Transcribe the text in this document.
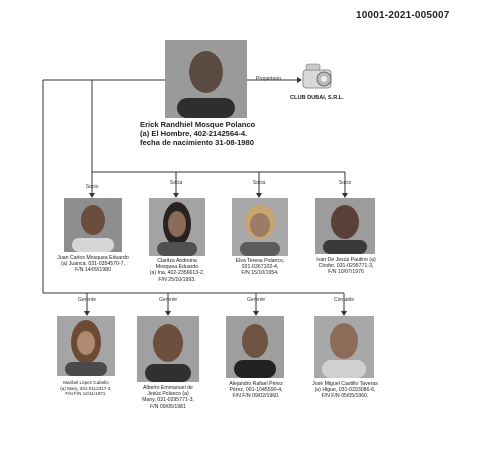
10001-2021-005007
Propietario
CLUB DUBAI, S.R.L.
Erick Randhiel Mosque Polanco
(a) El Hombre, 402-2142564-4.
fecha de nacimiento 31-08-1980
Socio
Socia	Socia	Socio
Juan Carlos Mosquea Eduardo
(a) Juanca, 031-0354570-7,
F/N 14/09/1980
Claritza Andreina
Mosquea Eduardo
(a) Ina, 402-2356613-2,
F/N 25/10/1993.
Elva Teresa Polanco,
031-0367102-4,
F/N 15/10/1954.
Ivan De Jesús Paulino (a)
Chofer, 031-0295771-3,
F/N 10/07/1976
Gerente	Gerente	Gerente	Contable
Maribel López Cabello
(a) Mary, 031-0112317-3,
F/N F/N 12/11/1971.
Alberto Emmanuel de
Jesús Polanco (a)
Many, 031-0295771-3,
F/N 09/05/1981
Alejandro Rafael Pérez
Pérez, 001-1045590-4,
F/N F/N 09/02/1960.
José Miguel Castillo Taveras
(a) Higue, 031-0293086-6,
F/N F/N 05/05/1960.
